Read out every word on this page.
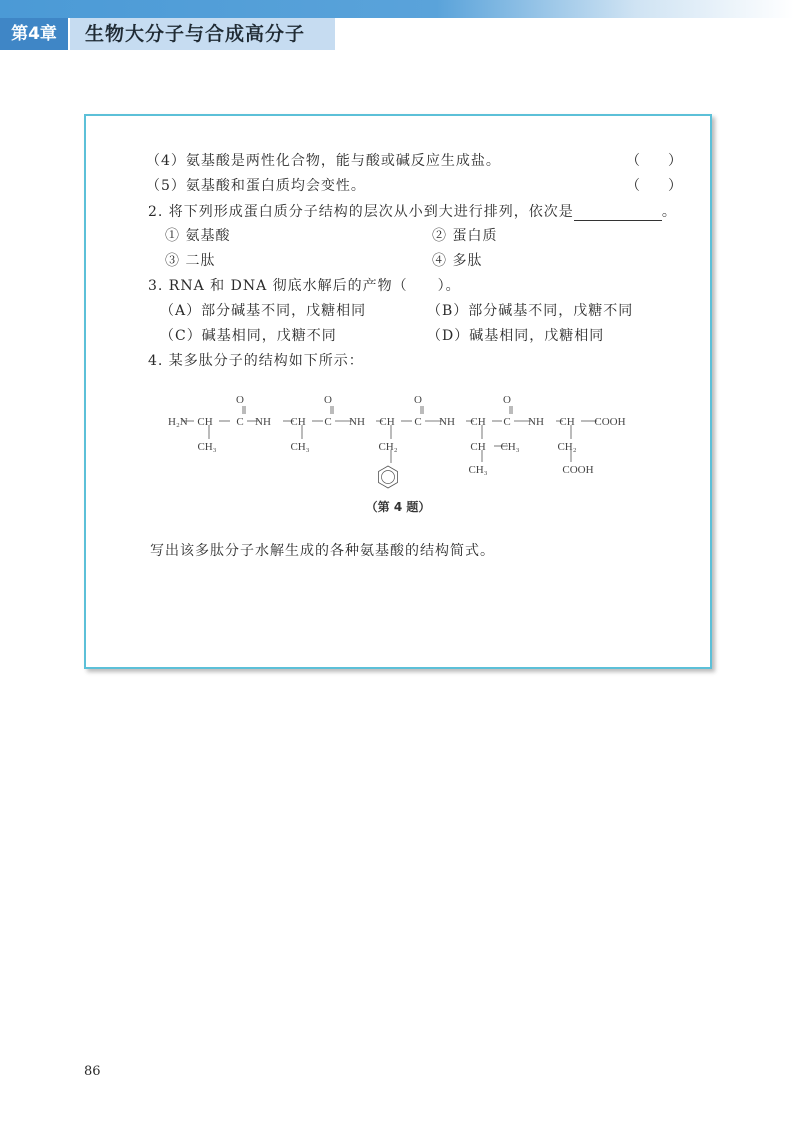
第4章	生物大分子与合成高分子
（4）氨基酸是两性化合物，能与酸或碱反应生成盐。	（　　）
（5）氨基酸和蛋白质均会变性。	（　　）
2. 将下列形成蛋白质分子结构的层次从小到大进行排列，依次是	。
① 氨基酸	② 蛋白质
③ 二肽	④ 多肽
3. RNA 和 DNA 彻底水解后的产物（　　）。
（A）部分碱基不同，戊糖相同	（B）部分碱基不同，戊糖不同
（C）碱基相同，戊糖不同	（D）碱基相同，戊糖相同
4. 某多肽分子的结构如下所示：
H₂N CH C NH CH C NH CH C NH CH C NH CH COOH
O	O	O	O
CH₃	CH₃	CH₂	CH CH₃
CH₃
CH₂
COOH
（第 4 题）
写出该多肽分子水解生成的各种氨基酸的结构简式。
86
